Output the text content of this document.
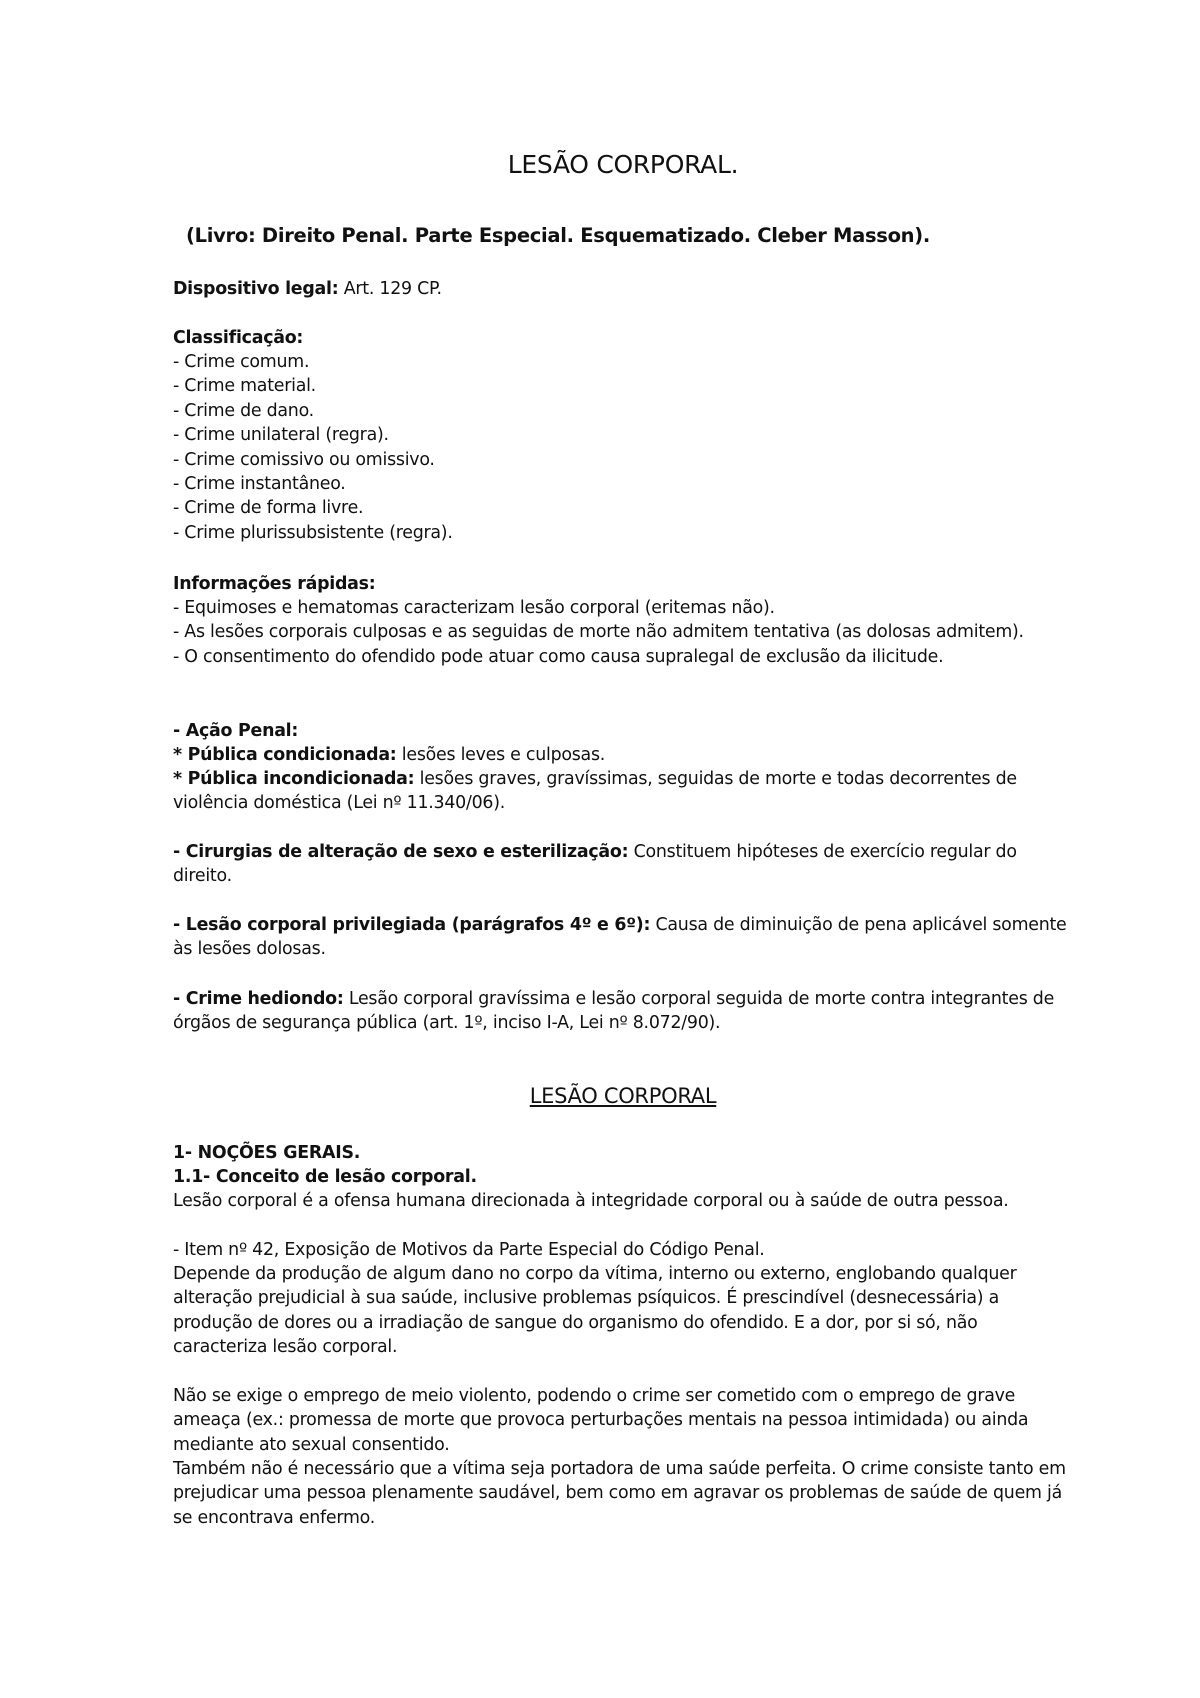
LESÃO CORPORAL.
(Livro: Direito Penal. Parte Especial. Esquematizado. Cleber Masson).
Dispositivo legal: Art. 129 CP.
Classificação:
- Crime comum.
- Crime material.
- Crime de dano.
- Crime unilateral (regra).
- Crime comissivo ou omissivo.
- Crime instantâneo.
- Crime de forma livre.
- Crime plurissubsistente (regra).
Informações rápidas:
- Equimoses e hematomas caracterizam lesão corporal (eritemas não).
- As lesões corporais culposas e as seguidas de morte não admitem tentativa (as dolosas admitem).
- O consentimento do ofendido pode atuar como causa supralegal de exclusão da ilicitude.
- Ação Penal:
* Pública condicionada: lesões leves e culposas.
* Pública incondicionada: lesões graves, gravíssimas, seguidas de morte e todas decorrentes de violência doméstica (Lei nº 11.340/06).
- Cirurgias de alteração de sexo e esterilização: Constituem hipóteses de exercício regular do direito.
- Lesão corporal privilegiada (parágrafos 4º e 6º): Causa de diminuição de pena aplicável somente às lesões dolosas.
- Crime hediondo: Lesão corporal gravíssima e lesão corporal seguida de morte contra integrantes de órgãos de segurança pública (art. 1º, inciso I-A, Lei nº 8.072/90).
LESÃO CORPORAL
1- NOÇÕES GERAIS.
1.1- Conceito de lesão corporal.
Lesão corporal é a ofensa humana direcionada à integridade corporal ou à saúde de outra pessoa.
- Item nº 42, Exposição de Motivos da Parte Especial do Código Penal.
Depende da produção de algum dano no corpo da vítima, interno ou externo, englobando qualquer alteração prejudicial à sua saúde, inclusive problemas psíquicos. É prescindível (desnecessária) a produção de dores ou a irradiação de sangue do organismo do ofendido. E a dor, por si só, não caracteriza lesão corporal.
Não se exige o emprego de meio violento, podendo o crime ser cometido com o emprego de grave ameaça (ex.: promessa de morte que provoca perturbações mentais na pessoa intimidada) ou ainda mediante ato sexual consentido.
Também não é necessário que a vítima seja portadora de uma saúde perfeita. O crime consiste tanto em prejudicar uma pessoa plenamente saudável, bem como em agravar os problemas de saúde de quem já se encontrava enfermo.
